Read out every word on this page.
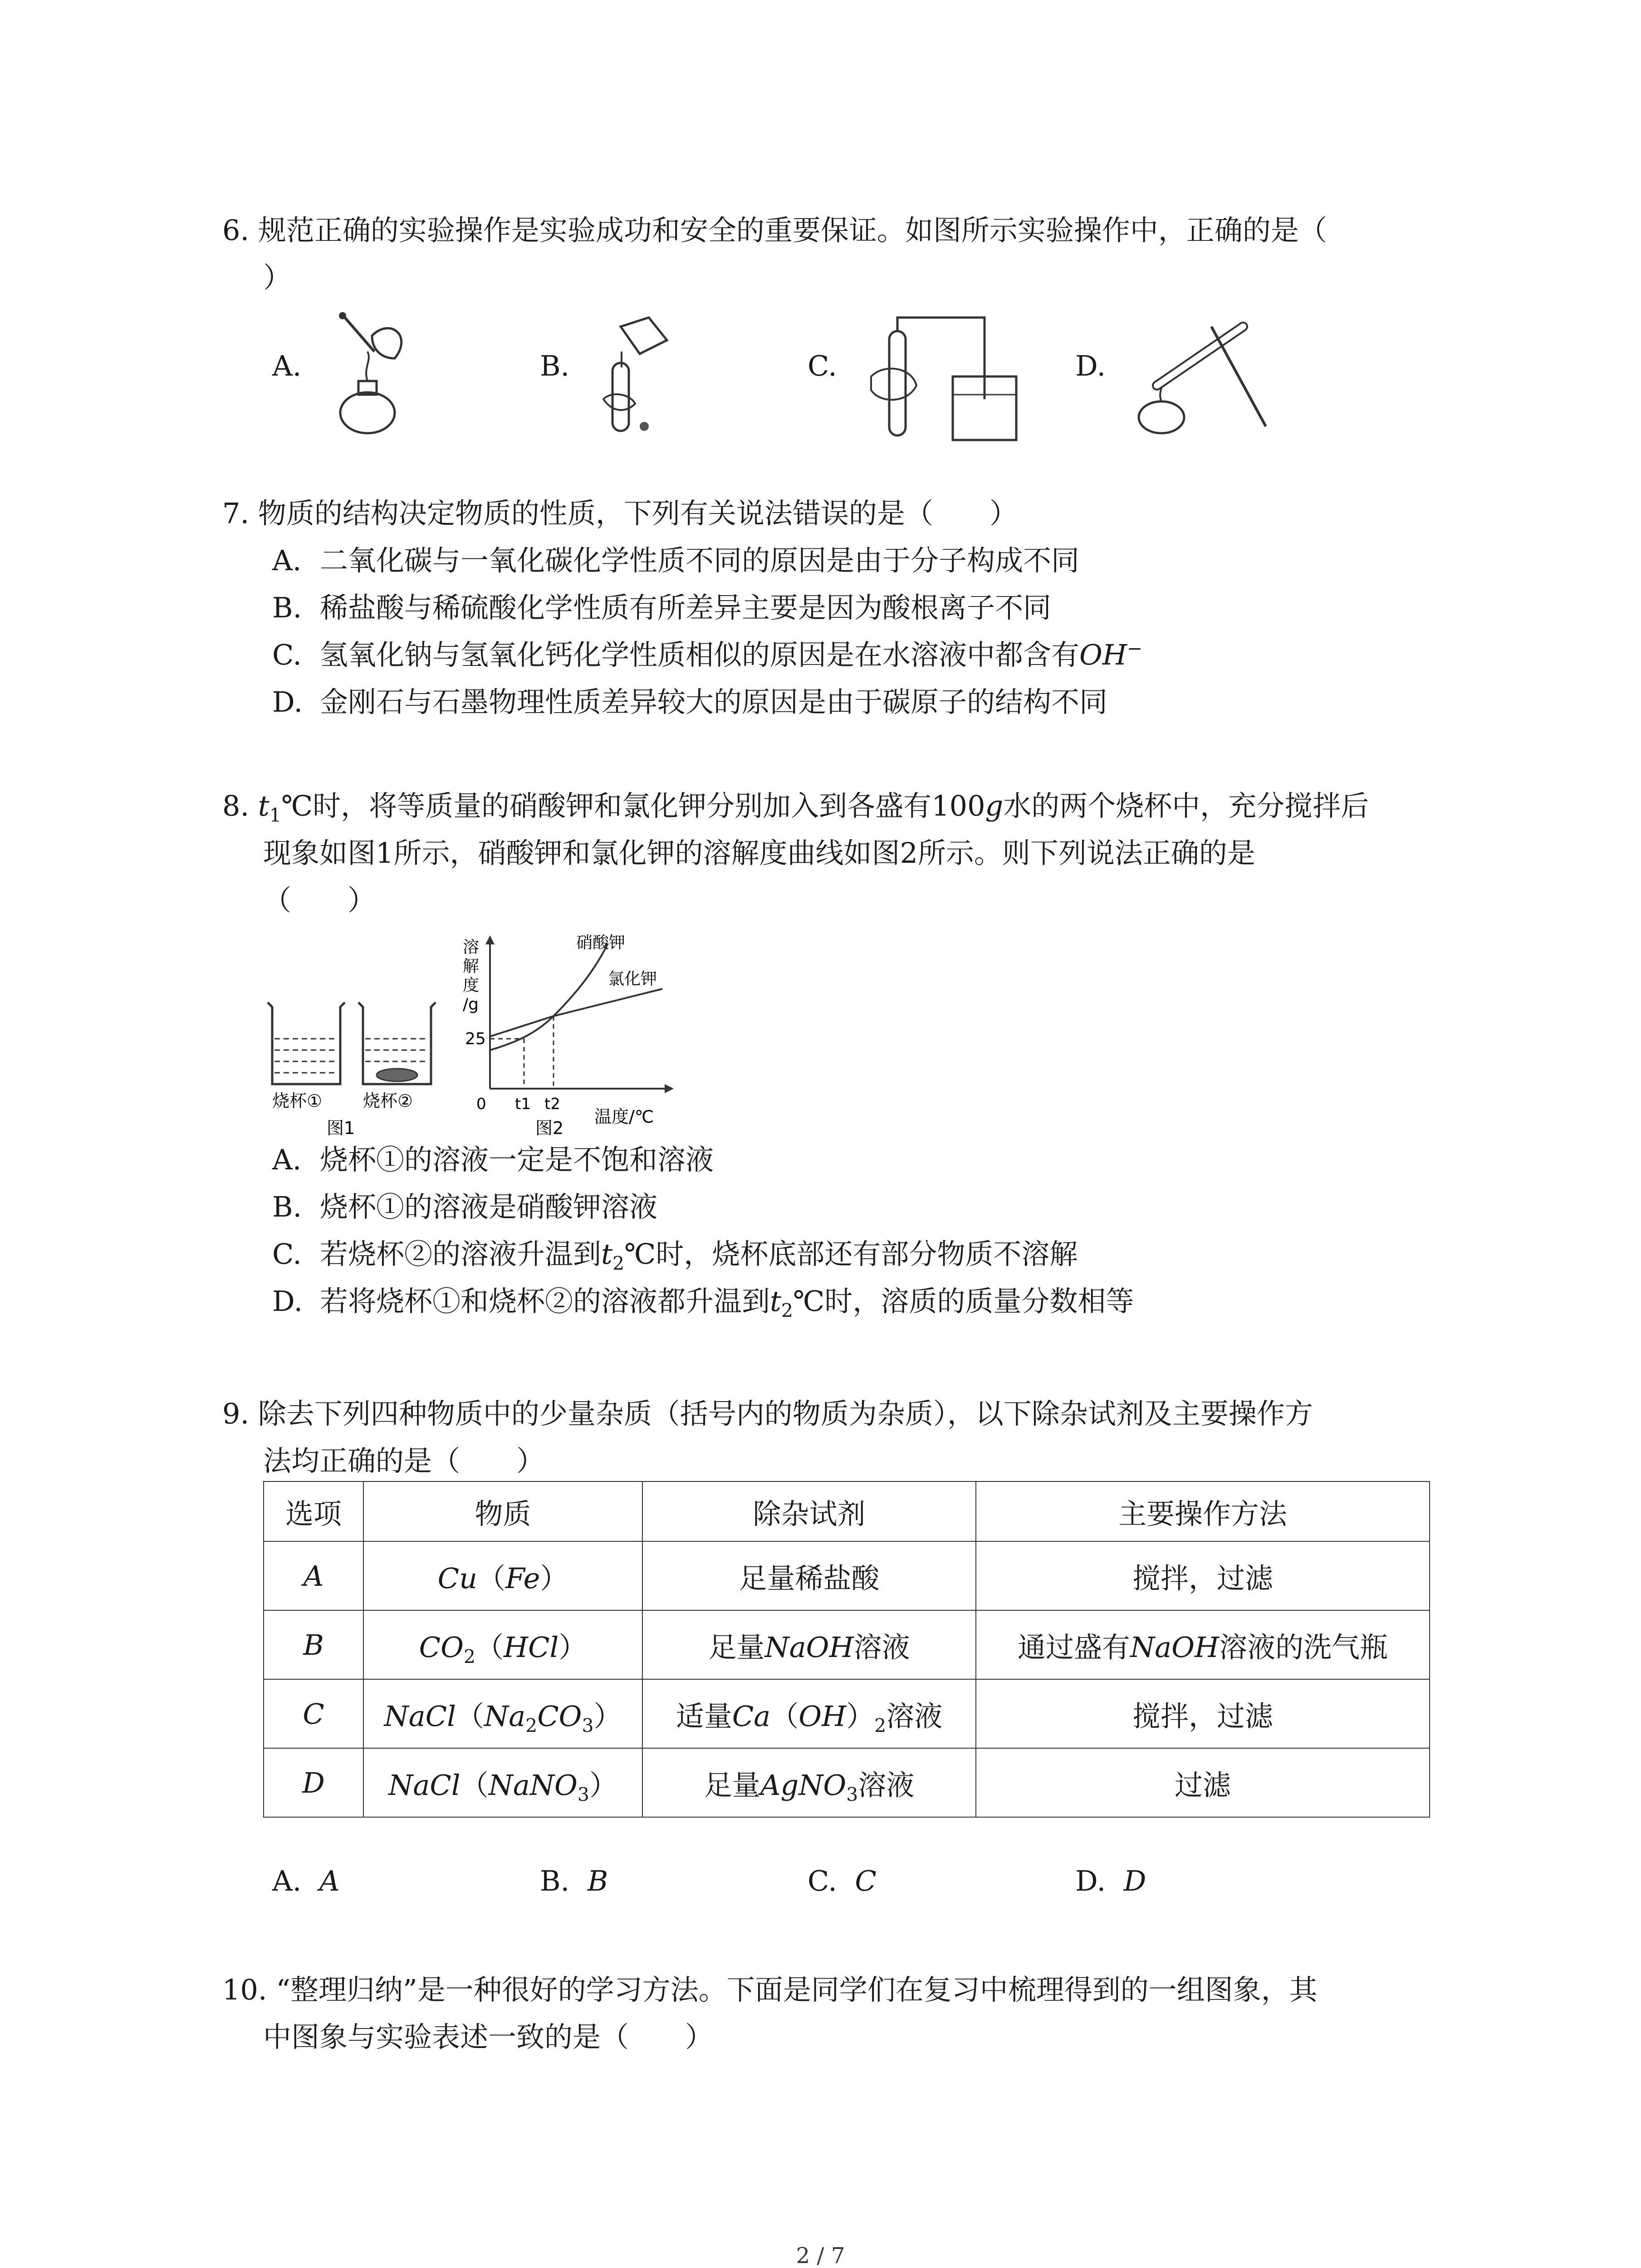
6. 规范正确的实验操作是实验成功和安全的重要保证。如图所示实验操作中，正确的是（
）
A.	B.	C.	D.
7. 物质的结构决定物质的性质，下列有关说法错误的是（　　）
A. 二氧化碳与一氧化碳化学性质不同的原因是由于分子构成不同
B. 稀盐酸与稀硫酸化学性质有所差异主要是因为酸根离子不同
C. 氢氧化钠与氢氧化钙化学性质相似的原因是在水溶液中都含有OH−
D. 金刚石与石墨物理性质差异较大的原因是由于碳原子的结构不同
8. $t_1℃$时，将等质量的硝酸钾和氯化钾分别加入到各盛有100g水的两个烧杯中，充分搅拌后
现象如图1所示，硝酸钾和氯化钾的溶解度曲线如图2所示。则下列说法正确的是
（　　）
烧杯① 烧杯②
图1
溶
解
度
/g
25
0 t1 t2
温度/℃
图2
硝酸钾
氯化钾
A. 烧杯①的溶液一定是不饱和溶液
B. 烧杯①的溶液是硝酸钾溶液
C. 若烧杯②的溶液升温到$t_2℃$时，烧杯底部还有部分物质不溶解
D. 若将烧杯①和烧杯②的溶液都升温到$t_2℃$时，溶质的质量分数相等
9. 除去下列四种物质中的少量杂质（括号内的物质为杂质），以下除杂试剂及主要操作方
法均正确的是（　　）
选项	物质	除杂试剂	主要操作方法
A	Cu（Fe）	足量稀盐酸	搅拌，过滤
B	$CO_2(HCl)$	足量NaOH溶液	通过盛有NaOH溶液的洗气瓶
C	$NaCl(Na_2CO_3)$	适量$Ca(OH)_2$溶液	搅拌，过滤
D	NaCl（NaNO$_3$）	足量AgNO$_3$溶液	过滤
A. A	B. B	C. C	D. D
10. “整理归纳”是一种很好的学习方法。下面是同学们在复习中梳理得到的一组图象，其
中图象与实验表述一致的是（　　）
2 / 7
